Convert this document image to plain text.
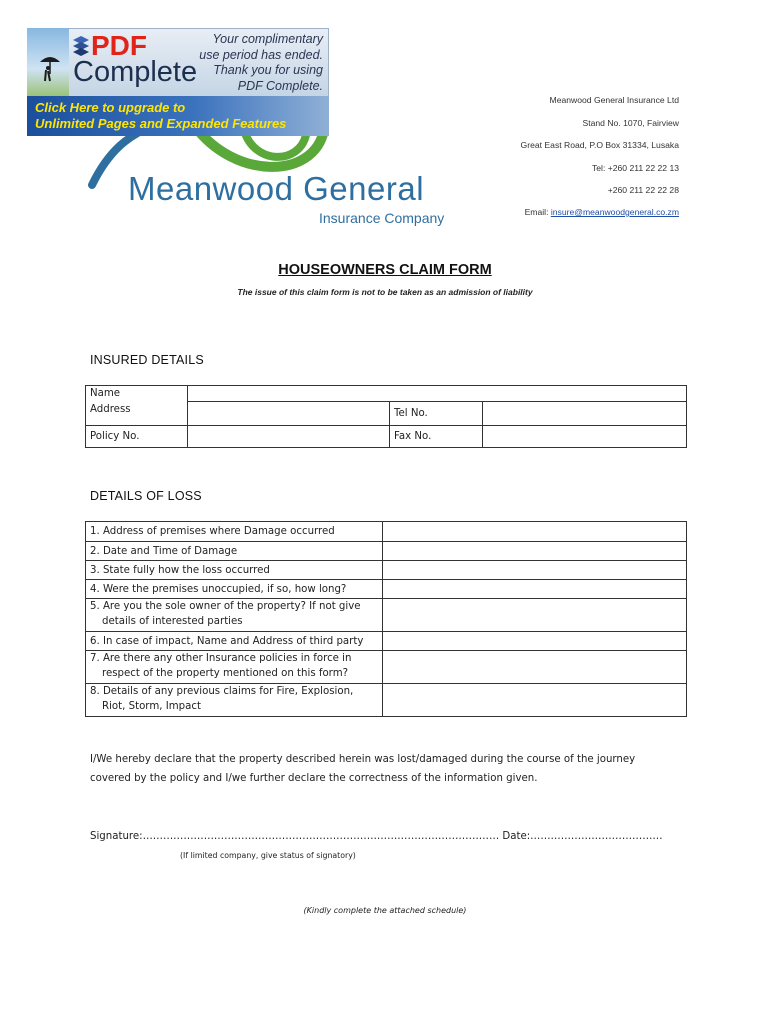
Meanwood General
Insurance Company
PDF
Complete
Your complimentary
use period has ended.
Thank you for using
PDF Complete.
Click Here to upgrade to
Unlimited Pages and Expanded Features
Meanwood General Insurance Ltd
Stand No. 1070, Fairview
Great East Road, P.O Box 31334, Lusaka
Tel: +260 211 22 22 13
+260 211 22 22 28
Email: insure@meanwoodgeneral.co.zm
HOUSEOWNERS CLAIM FORM
The issue of this claim form is not to be taken as an admission of liability
INSURED DETAILS
Name			
Address		Tel No.	
Policy No.		Fax No.	
DETAILS OF LOSS
1. Address of premises where Damage occurred	
2. Date and Time of Damage	
3. State fully how the loss occurred	
4. Were the premises unoccupied, if so, how long?	

5. Are you the sole owner of the property? If not give
details of interested parties	

6. In case of impact, Name and Address of third party	

7. Are there any other Insurance policies in force in
respect of the property mentioned on this form?	

8. Details of any previous claims for Fire, Explosion,
Riot, Storm, Impact	

I/We hereby declare that the property described herein was lost/damaged during the course of the journey
covered by the policy and I/we further declare the correctness of the information given.
Signature:…………………………………………………………………………………………… Date:…………………………………
(If limited company, give status of signatory)
(Kindly complete the attached schedule)
